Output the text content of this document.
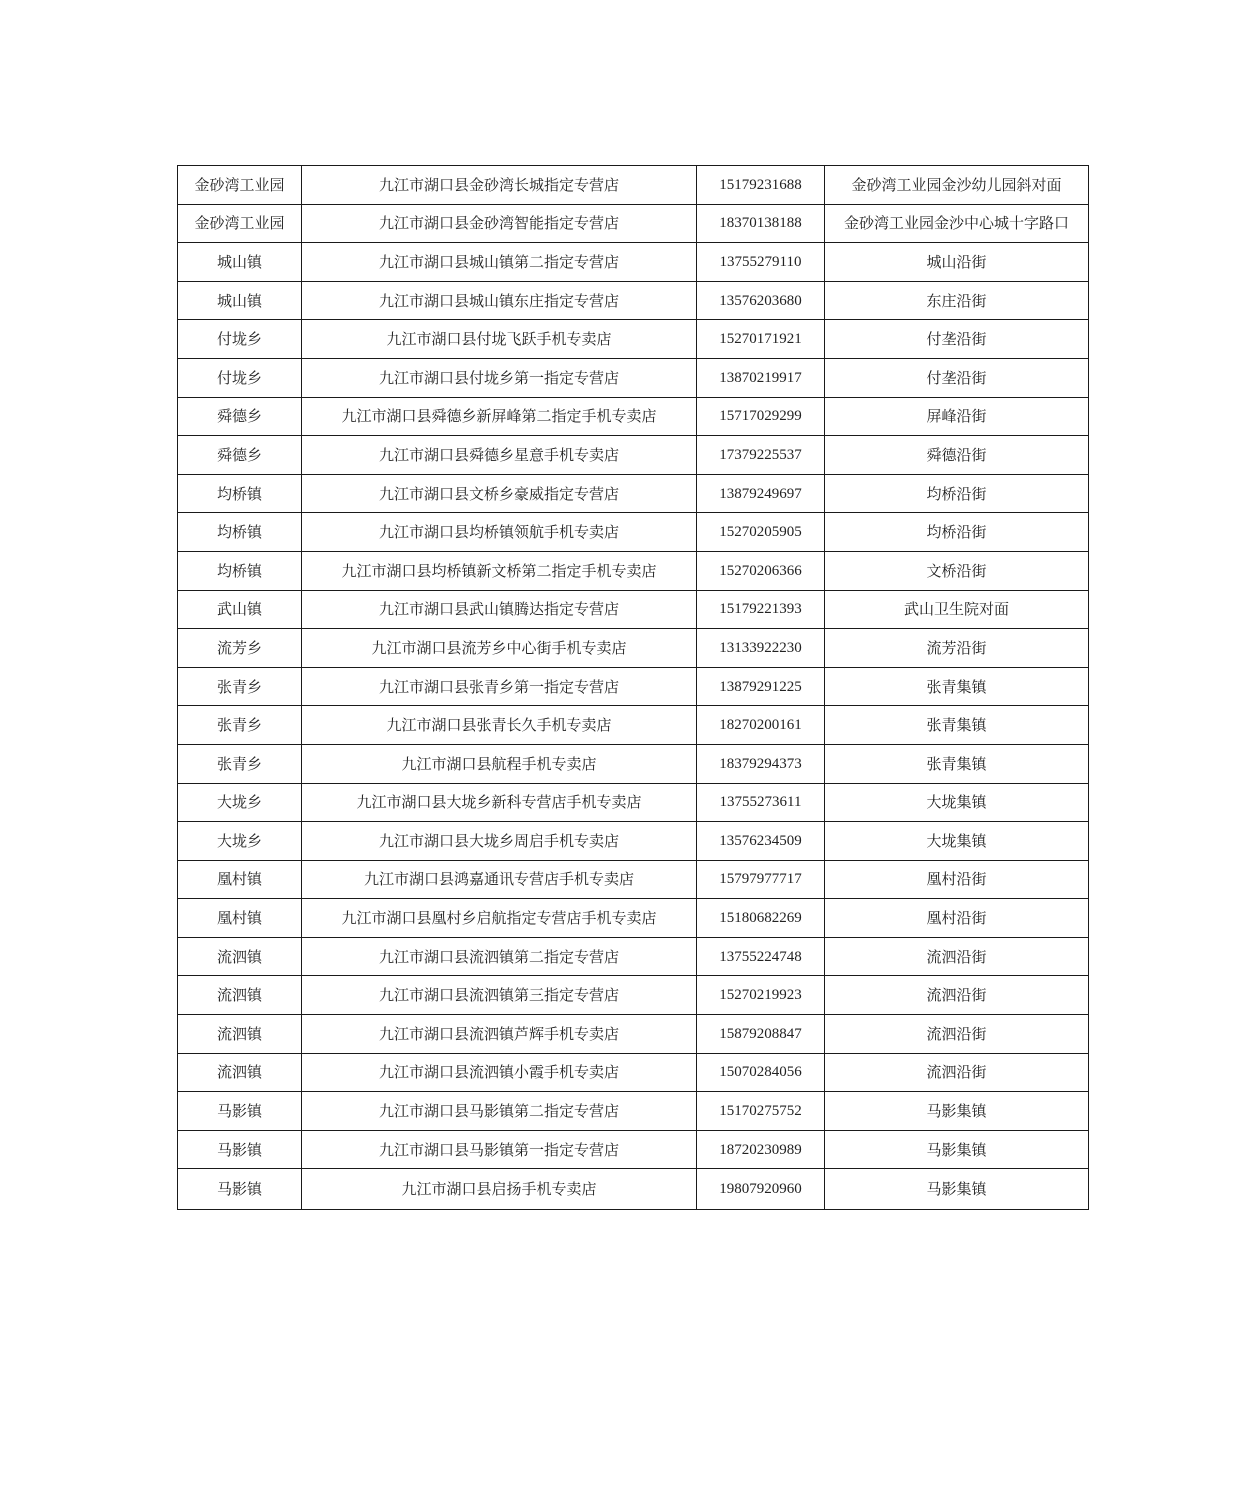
金砂湾工业园	九江市湖口县金砂湾长城指定专营店	15179231688	金砂湾工业园金沙幼儿园斜对面
金砂湾工业园	九江市湖口县金砂湾智能指定专营店	18370138188	金砂湾工业园金沙中心城十字路口
城山镇	九江市湖口县城山镇第二指定专营店	13755279110	城山沿街
城山镇	九江市湖口县城山镇东庄指定专营店	13576203680	东庄沿街
付垅乡	九江市湖口县付垅飞跃手机专卖店	15270171921	付垄沿街
付垅乡	九江市湖口县付垅乡第一指定专营店	13870219917	付垄沿街
舜德乡	九江市湖口县舜德乡新屏峰第二指定手机专卖店	15717029299	屏峰沿街
舜德乡	九江市湖口县舜德乡星意手机专卖店	17379225537	舜德沿街
均桥镇	九江市湖口县文桥乡豪威指定专营店	13879249697	均桥沿街
均桥镇	九江市湖口县均桥镇领航手机专卖店	15270205905	均桥沿街
均桥镇	九江市湖口县均桥镇新文桥第二指定手机专卖店	15270206366	文桥沿街
武山镇	九江市湖口县武山镇腾达指定专营店	15179221393	武山卫生院对面
流芳乡	九江市湖口县流芳乡中心街手机专卖店	13133922230	流芳沿街
张青乡	九江市湖口县张青乡第一指定专营店	13879291225	张青集镇
张青乡	九江市湖口县张青长久手机专卖店	18270200161	张青集镇
张青乡	九江市湖口县航程手机专卖店	18379294373	张青集镇
大垅乡	九江市湖口县大垅乡新科专营店手机专卖店	13755273611	大垅集镇
大垅乡	九江市湖口县大垅乡周启手机专卖店	13576234509	大垅集镇
凰村镇	九江市湖口县鸿嘉通讯专营店手机专卖店	15797977717	凰村沿街
凰村镇	九江市湖口县凰村乡启航指定专营店手机专卖店	15180682269	凰村沿街
流泗镇	九江市湖口县流泗镇第二指定专营店	13755224748	流泗沿街
流泗镇	九江市湖口县流泗镇第三指定专营店	15270219923	流泗沿街
流泗镇	九江市湖口县流泗镇芦辉手机专卖店	15879208847	流泗沿街
流泗镇	九江市湖口县流泗镇小霞手机专卖店	15070284056	流泗沿街
马影镇	九江市湖口县马影镇第二指定专营店	15170275752	马影集镇
马影镇	九江市湖口县马影镇第一指定专营店	18720230989	马影集镇
马影镇	九江市湖口县启扬手机专卖店	19807920960	马影集镇
